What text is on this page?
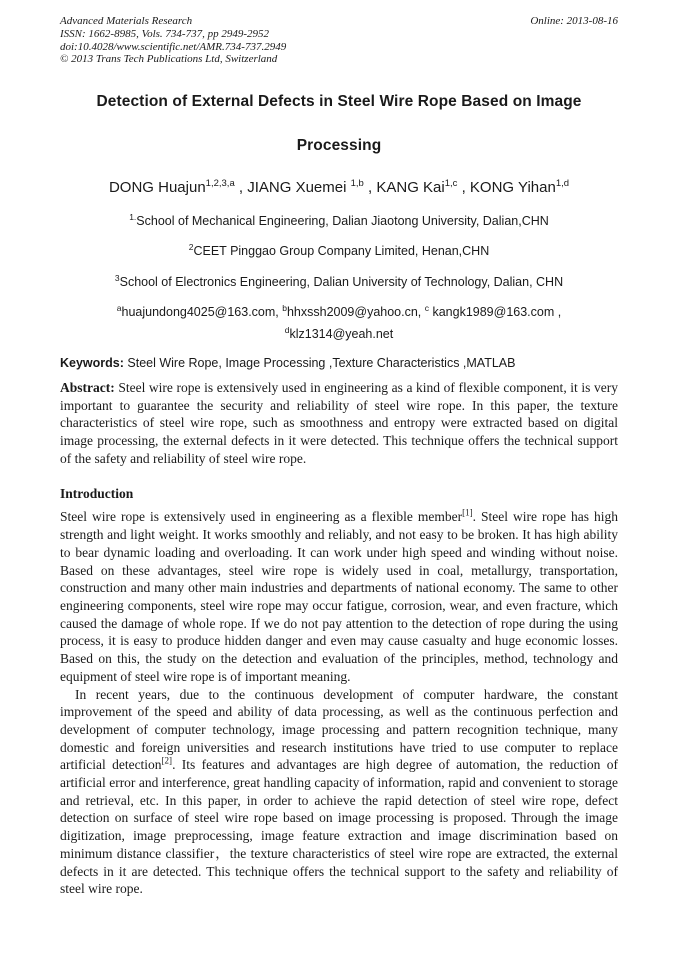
Advanced Materials Research
ISSN: 1662-8985, Vols. 734-737, pp 2949-2952
doi:10.4028/www.scientific.net/AMR.734-737.2949
© 2013 Trans Tech Publications Ltd, Switzerland
Online: 2013-08-16
Detection of External Defects in Steel Wire Rope Based on Image
Processing
DONG Huajun$^{1,2,3,a}$ , JIANG Xuemei $^{1,b}$ , KANG Kai$^{1,c}$ , KONG Yihan$^{1,d}$
$^{1.}$School of Mechanical Engineering, Dalian Jiaotong University, Dalian,CHN
$^2$CEET Pinggao Group Company Limited, Henan,CHN
$^3$School of Electronics Engineering, Dalian University of Technology, Dalian, CHN
$^a$huajundong4025@163.com, $^b$hhxssh2009@yahoo.cn, $^c$ kangk1989@163.com ,
$^d$klz1314@yeah.net
Keywords: Steel Wire Rope, Image Processing ,Texture Characteristics ,MATLAB
Abstract: Steel wire rope is extensively used in engineering as a kind of flexible component, it is very important to guarantee the security and reliability of steel wire rope. In this paper, the texture characteristics of steel wire rope, such as smoothness and entropy were extracted based on digital image processing, the external defects in it were detected. This technique offers the technical support of the safety and reliability of steel wire rope.
Introduction
Steel wire rope is extensively used in engineering as a flexible member[1]. Steel wire rope has high strength and light weight. It works smoothly and reliably, and not easy to be broken. It has high ability to bear dynamic loading and overloading. It can work under high speed and winding without noise. Based on these advantages, steel wire rope is widely used in coal, metallurgy, transportation, construction and many other main industries and departments of national economy. The same to other engineering components, steel wire rope may occur fatigue, corrosion, wear, and even fracture, which caused the damage of whole rope. If we do not pay attention to the detection of rope during the using process, it is easy to produce hidden danger and even may cause casualty and huge economic losses. Based on this, the study on the detection and evaluation of the principles, method, technology and equipment of steel wire rope is of important meaning.
In recent years, due to the continuous development of computer hardware, the constant improvement of the speed and ability of data processing, as well as the continuous perfection and development of computer technology, image processing and pattern recognition technique, many domestic and foreign universities and research institutions have tried to use computer to replace artificial detection[2]. Its features and advantages are high degree of automation, the reduction of artificial error and interference, great handling capacity of information, rapid and convenient to storage and retrieval, etc. In this paper, in order to achieve the rapid detection of steel wire rope, defect detection on surface of steel wire rope based on image processing is proposed. Through the image digitization, image preprocessing, image feature extraction and image discrimination based on minimum distance classifier，the texture characteristics of steel wire rope are extracted, the external defects in it are detected. This technique offers the technical support to the safety and reliability of steel wire rope.
